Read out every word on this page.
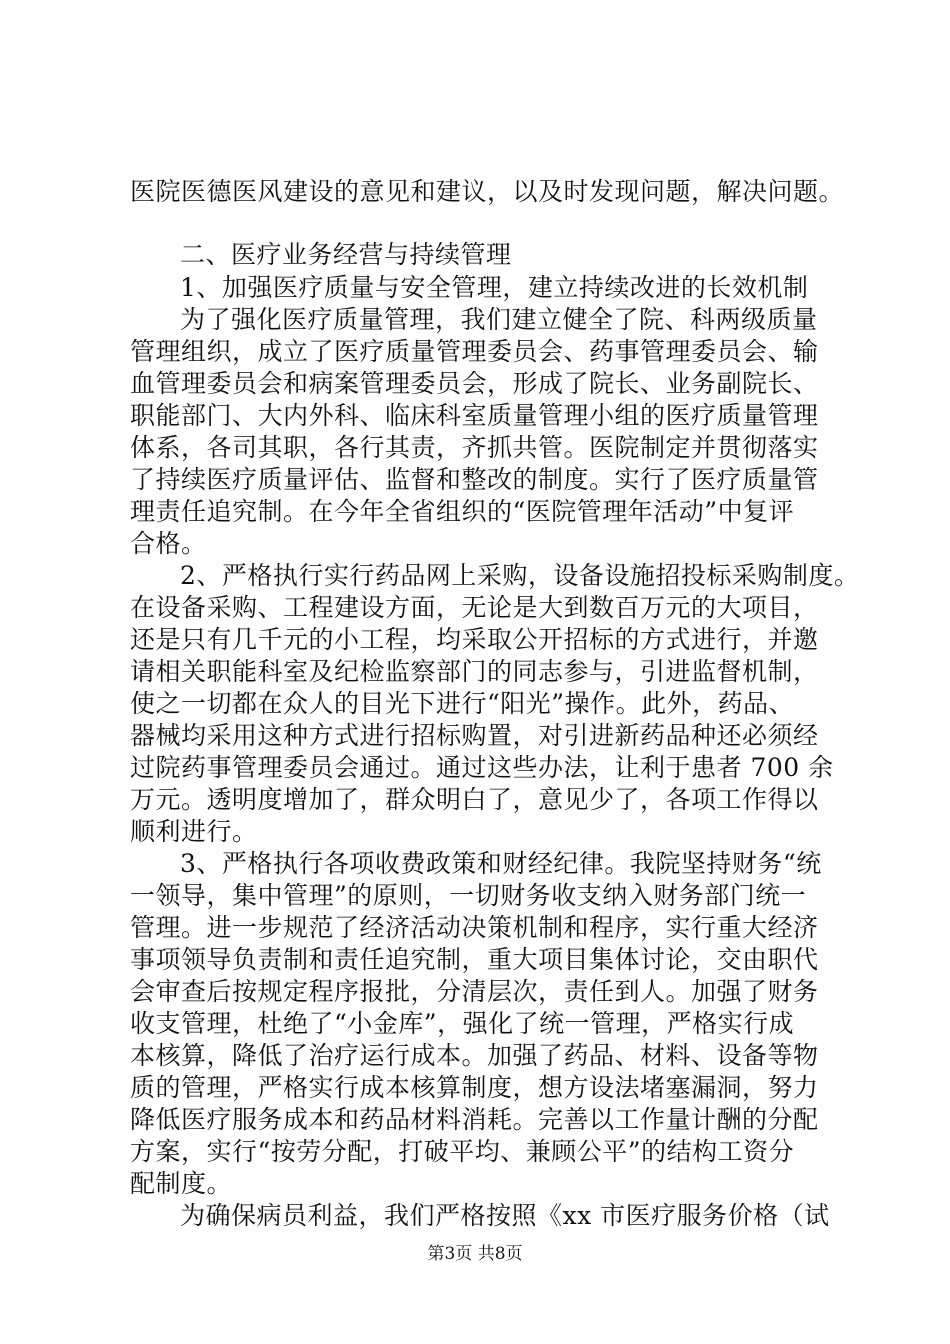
医院医德医风建设的意见和建议，以及时发现问题，解决问题。
二、医疗业务经营与持续管理
1、加强医疗质量与安全管理，建立持续改进的长效机制
为了强化医疗质量管理，我们建立健全了院、科两级质量
管理组织，成立了医疗质量管理委员会、药事管理委员会、输
血管理委员会和病案管理委员会，形成了院长、业务副院长、
职能部门、大内外科、临床科室质量管理小组的医疗质量管理
体系，各司其职，各行其责，齐抓共管。医院制定并贯彻落实
了持续医疗质量评估、监督和整改的制度。实行了医疗质量管
理责任追究制。在今年全省组织的“医院管理年活动”中复评
合格。
2、严格执行实行药品网上采购，设备设施招投标采购制度。
在设备采购、工程建设方面，无论是大到数百万元的大项目，
还是只有几千元的小工程，均采取公开招标的方式进行，并邀
请相关职能科室及纪检监察部门的同志参与，引进监督机制，
使之一切都在众人的目光下进行“阳光”操作。此外，药品、
器械均采用这种方式进行招标购置，对引进新药品种还必须经
过院药事管理委员会通过。通过这些办法，让利于患者 700 余
万元。透明度增加了，群众明白了，意见少了，各项工作得以
顺利进行。
3、严格执行各项收费政策和财经纪律。我院坚持财务“统
一领导，集中管理”的原则，一切财务收支纳入财务部门统一
管理。进一步规范了经济活动决策机制和程序，实行重大经济
事项领导负责制和责任追究制，重大项目集体讨论，交由职代
会审查后按规定程序报批，分清层次，责任到人。加强了财务
收支管理，杜绝了“小金库”，强化了统一管理，严格实行成
本核算，降低了治疗运行成本。加强了药品、材料、设备等物
质的管理，严格实行成本核算制度，想方设法堵塞漏洞，努力
降低医疗服务成本和药品材料消耗。完善以工作量计酬的分配
方案，实行“按劳分配，打破平均、兼顾公平”的结构工资分
配制度。
为确保病员利益，我们严格按照《xx 市医疗服务价格（试
第3页 共8页
